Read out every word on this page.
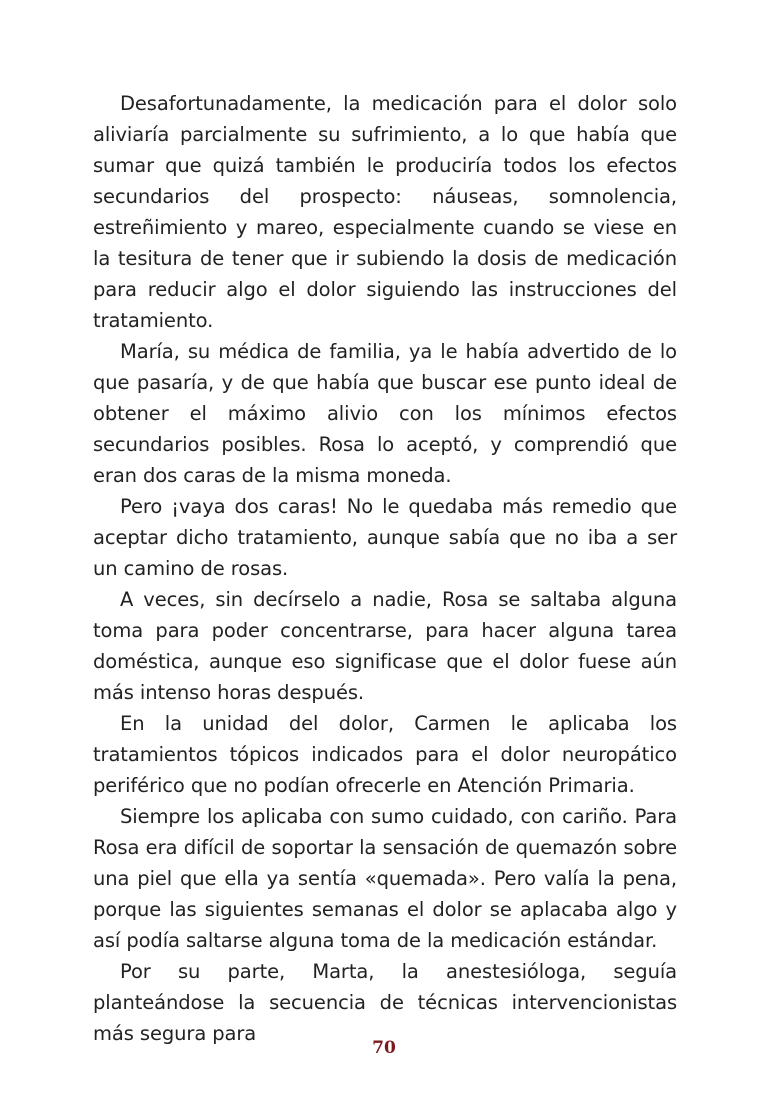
Desafortunadamente, la medicación para el dolor solo aliviaría parcialmente su sufrimiento, a lo que había que sumar que quizá también le produciría todos los efectos secundarios del prospecto: náuseas, somnolencia, estreñimiento y mareo, especialmente cuando se viese en la tesitura de tener que ir subiendo la dosis de medicación para reducir algo el dolor siguiendo las instrucciones del tratamiento.

María, su médica de familia, ya le había advertido de lo que pasaría, y de que había que buscar ese punto ideal de obtener el máximo alivio con los mínimos efectos secundarios posibles. Rosa lo aceptó, y comprendió que eran dos caras de la misma moneda.

Pero ¡vaya dos caras! No le quedaba más remedio que aceptar dicho tratamiento, aunque sabía que no iba a ser un camino de rosas.

A veces, sin decírselo a nadie, Rosa se saltaba alguna toma para poder concentrarse, para hacer alguna tarea doméstica, aunque eso significase que el dolor fuese aún más intenso horas después.

En la unidad del dolor, Carmen le aplicaba los tratamientos tópicos indicados para el dolor neuropático periférico que no podían ofrecerle en Atención Primaria.

Siempre los aplicaba con sumo cuidado, con cariño. Para Rosa era difícil de soportar la sensación de quemazón sobre una piel que ella ya sentía «quemada». Pero valía la pena, porque las siguientes semanas el dolor se aplacaba algo y así podía saltarse alguna toma de la medicación estándar.

Por su parte, Marta, la anestesióloga, seguía planteándose la secuencia de técnicas intervencionistas más segura para

70
